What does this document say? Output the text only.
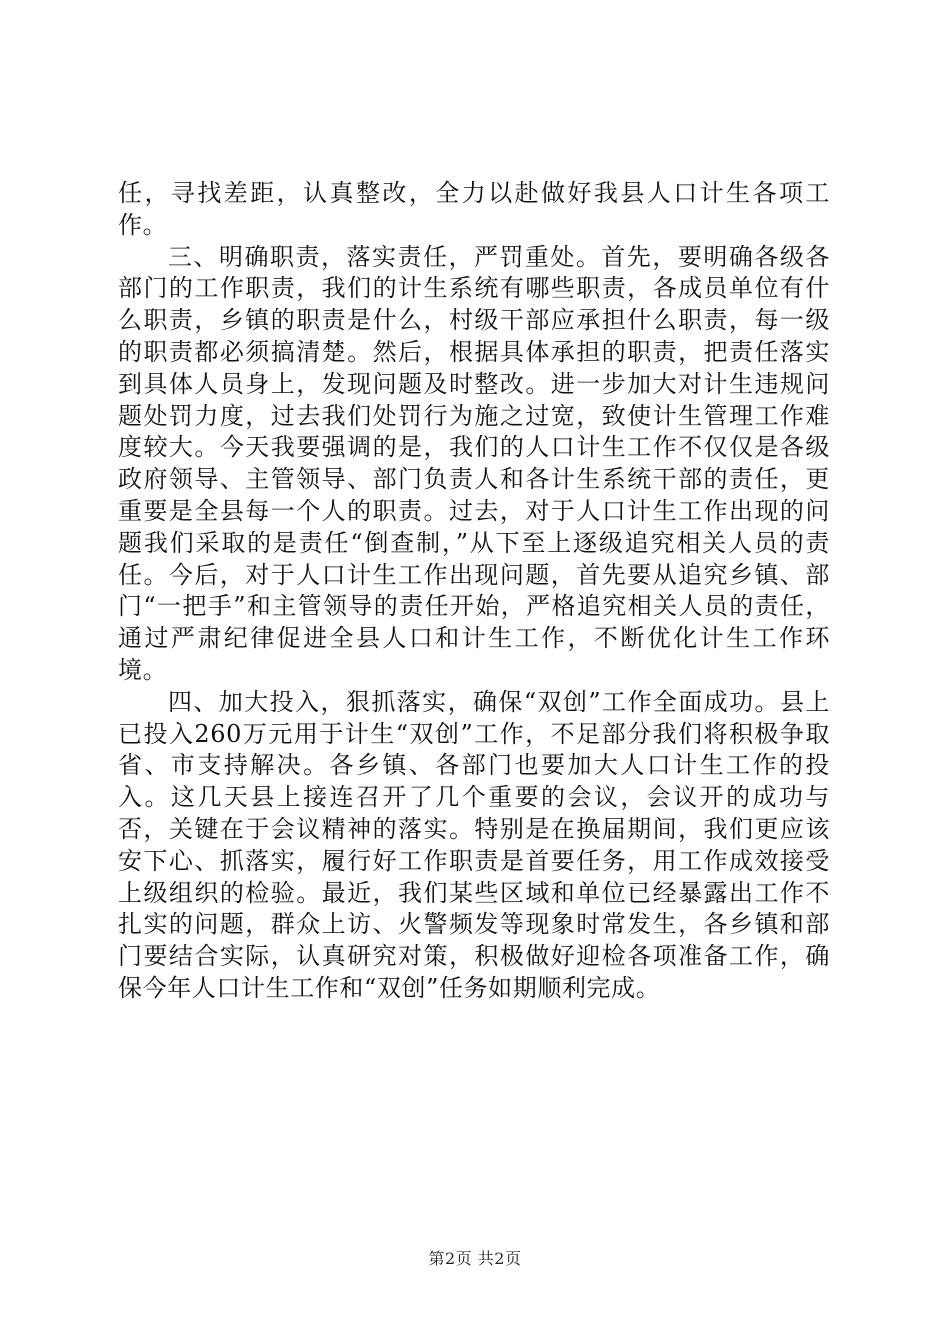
任，寻找差距，认真整改，全力以赴做好我县人口计生各项工作。

三、明确职责，落实责任，严罚重处。首先，要明确各级各部门的工作职责，我们的计生系统有哪些职责，各成员单位有什么职责，乡镇的职责是什么，村级干部应承担什么职责，每一级的职责都必须搞清楚。然后，根据具体承担的职责，把责任落实到具体人员身上，发现问题及时整改。进一步加大对计生违规问题处罚力度，过去我们处罚行为施之过宽，致使计生管理工作难度较大。今天我要强调的是，我们的人口计生工作不仅仅是各级政府领导、主管领导、部门负责人和各计生系统干部的责任，更重要是全县每一个人的职责。过去，对于人口计生工作出现的问题我们采取的是责任“倒查制，”从下至上逐级追究相关人员的责任。今后，对于人口计生工作出现问题，首先要从追究乡镇、部门“一把手”和主管领导的责任开始，严格追究相关人员的责任，通过严肃纪律促进全县人口和计生工作，不断优化计生工作环境。

四、加大投入，狠抓落实，确保“双创”工作全面成功。县上已投入260万元用于计生“双创”工作，不足部分我们将积极争取省、市支持解决。各乡镇、各部门也要加大人口计生工作的投入。这几天县上接连召开了几个重要的会议，会议开的成功与否，关键在于会议精神的落实。特别是在换届期间，我们更应该安下心、抓落实，履行好工作职责是首要任务，用工作成效接受上级组织的检验。最近，我们某些区域和单位已经暴露出工作不扎实的问题，群众上访、火警频发等现象时常发生，各乡镇和部门要结合实际，认真研究对策，积极做好迎检各项准备工作，确保今年人口计生工作和“双创”任务如期顺利完成。

第2页 共2页
